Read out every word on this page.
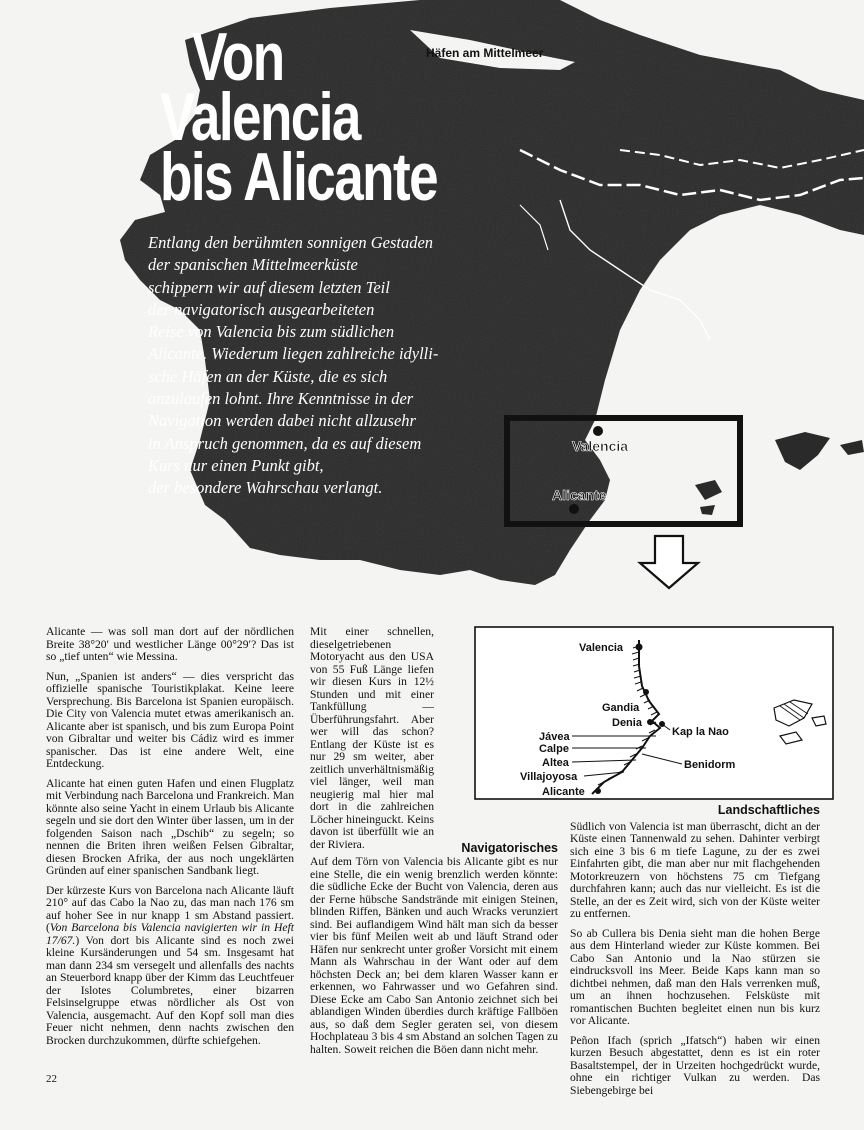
Valencia
Alicante
Häfen am Mittelmeer
Von
Valencia
bis Alicante
Entlang den berühmten sonnigen Gestaden
der spanischen Mittelmeerküste
schippern wir auf diesem letzten Teil
der navigatorisch ausgearbeiteten
Reise von Valencia bis zum südlichen
Alicante. Wiederum liegen zahlreiche idylli-
sche Häfen an der Küste, die es sich
anzulaufen lohnt. Ihre Kenntnisse in der
Navigation werden dabei nicht allzusehr
in Anspruch genommen, da es auf diesem
Kurs nur einen Punkt gibt,
der besondere Wahrschau verlangt.

Alicante — was soll man dort auf der nördlichen Breite 38°20′ und westlicher Länge 00°29′? Das ist so „tief unten“ wie Messina.

Nun, „Spanien ist anders“ — dies verspricht das offizielle spanische Touristikplakat. Keine leere Versprechung. Bis Barcelona ist Spanien europäisch. Die City von Valencia mutet etwas amerikanisch an. Alicante aber ist spanisch, und bis zum Europa Point von Gibraltar und weiter bis Cádiz wird es immer spanischer. Das ist eine andere Welt, eine Entdeckung.

Alicante hat einen guten Hafen und einen Flugplatz mit Verbindung nach Barcelona und Frankreich. Man könnte also seine Yacht in einem Urlaub bis Alicante segeln und sie dort den Winter über lassen, um in der folgenden Saison nach „Dschib“ zu segeln; so nennen die Briten ihren weißen Felsen Gibraltar, diesen Brocken Afrika, der aus noch ungeklärten Gründen auf einer spanischen Sandbank liegt.

Der kürzeste Kurs von Barcelona nach Alicante läuft 210° auf das Cabo la Nao zu, das man nach 176 sm auf hoher See in nur knapp 1 sm Abstand passiert. (Von Barcelona bis Valencia navigierten wir in Heft 17/67.) Von dort bis Alicante sind es noch zwei kleine Kursänderungen und 54 sm. Insgesamt hat man dann 234 sm versegelt und allenfalls des nachts an Steuerbord knapp über der Kimm das Leuchtfeuer der Islotes Columbretes, einer bizarren Felsinselgruppe etwas nördlicher als Ost von Valencia, ausgemacht. Auf den Kopf soll man dies Feuer nicht nehmen, denn nachts zwischen den Brocken durchzukommen, dürfte schiefgehen.

Mit einer schnellen, dieselgetriebenen Motoryacht aus den USA von 55 Fuß Länge liefen wir diesen Kurs in 12½ Stunden und mit einer Tankfüllung — Überführungsfahrt. Aber wer will das schon? Entlang der Küste ist es nur 29 sm weiter, aber zeitlich unverhältnismäßig viel länger, weil man neugierig mal hier mal dort in die zahlreichen Löcher hineinguckt. Keins davon ist überfüllt wie an der Riviera.	Navigatorisches

Auf dem Törn von Valencia bis Alicante gibt es nur eine Stelle, die ein wenig brenzlich werden könnte: die südliche Ecke der Bucht von Valencia, deren aus der Ferne hübsche Sandstrände mit einigen Steinen, blinden Riffen, Bänken und auch Wracks verunziert sind. Bei auflandigem Wind hält man sich da besser vier bis fünf Meilen weit ab und läuft Strand oder Häfen nur senkrecht unter großer Vorsicht mit einem Mann als Wahrschau in der Want oder auf dem höchsten Deck an; bei dem klaren Wasser kann er erkennen, wo Fahrwasser und wo Gefahren sind. Diese Ecke am Cabo San Antonio zeichnet sich bei ablandigen Winden überdies durch kräftige Fallböen aus, so daß dem Segler geraten sei, von diesem Hochplateau 3 bis 4 sm Abstand an solchen Tagen zu halten. Soweit reichen die Böen dann nicht mehr.

Valencia
Gandia
Denia
Kap la Nao
Jávea
Calpe
Altea
Villajoyosa
Benidorm
Alicante
Landschaftliches

Südlich von Valencia ist man überrascht, dicht an der Küste einen Tannenwald zu sehen. Dahinter verbirgt sich eine 3 bis 6 m tiefe Lagune, zu der es zwei Einfahrten gibt, die man aber nur mit flachgehenden Motorkreuzern von höchstens 75 cm Tiefgang durchfahren kann; auch das nur vielleicht. Es ist die Stelle, an der es Zeit wird, sich von der Küste weiter zu entfernen.

So ab Cullera bis Denia sieht man die hohen Berge aus dem Hinterland wieder zur Küste kommen. Bei Cabo San Antonio und la Nao stürzen sie eindrucksvoll ins Meer. Beide Kaps kann man so dichtbei nehmen, daß man den Hals verrenken muß, um an ihnen hochzusehen. Felsküste mit romantischen Buchten begleitet einen nun bis kurz vor Alicante.

Peñon Ifach (sprich „Ifatsch“) haben wir einen kurzen Besuch abgestattet, denn es ist ein roter Basaltstempel, der in Urzeiten hochgedrückt wurde, ohne ein richtiger Vulkan zu werden. Das Siebengebirge bei

22
